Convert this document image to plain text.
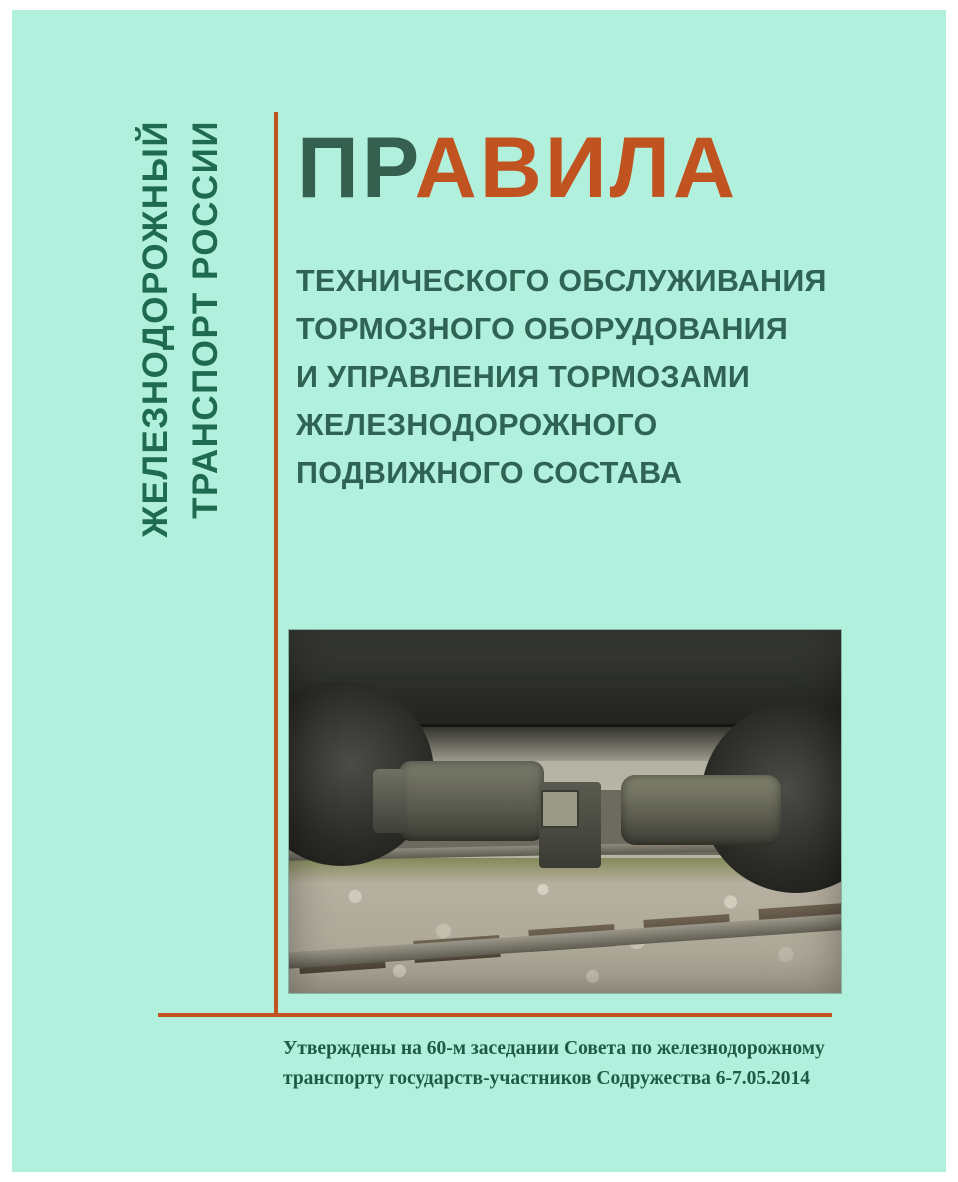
ЖЕЛЕЗНОДОРОЖНЫЙ ТРАНСПОРТ РОССИИ ПРАВИЛА
ТЕХНИЧЕСКОГО ОБСЛУЖИВАНИЯ
ТОРМОЗНОГО ОБОРУДОВАНИЯ
И УПРАВЛЕНИЯ ТОРМОЗАМИ
ЖЕЛЕЗНОДОРОЖНОГО
ПОДВИЖНОГО СОСТАВА
Утверждены на 60-м заседании Совета по железнодорожному
транспорту государств-участников Содружества 6-7.05.2014
